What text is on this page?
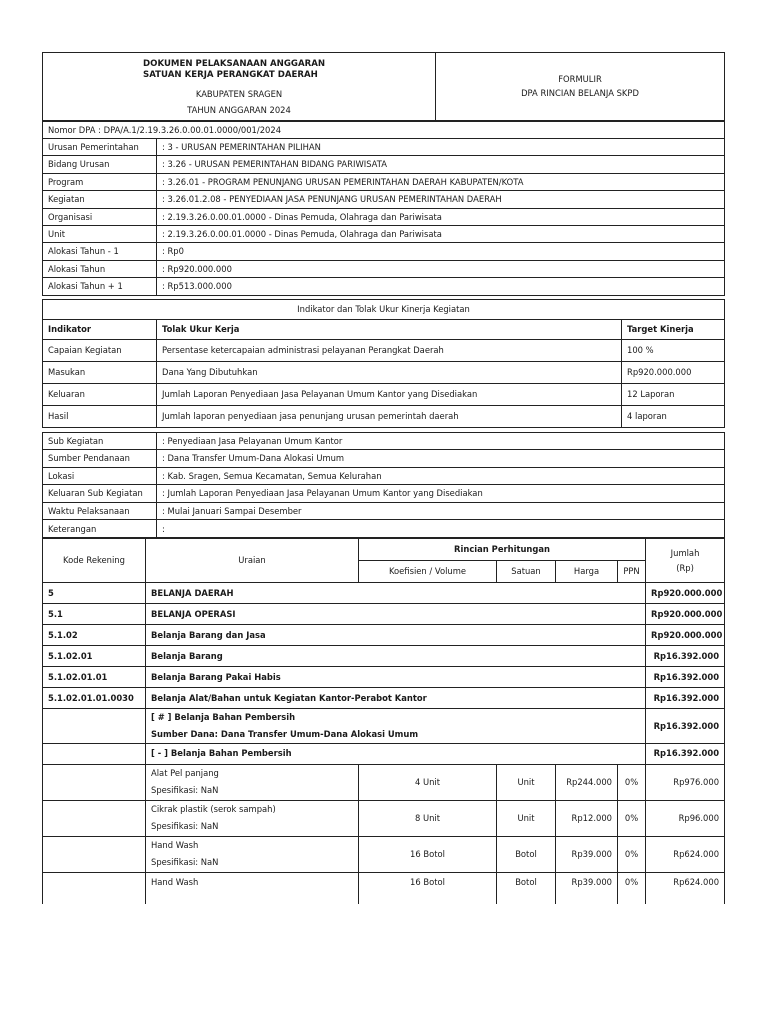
DOKUMEN PELAKSANAAN ANGGARAN
SATUAN KERJA PERANGKAT DAERAH	FORMULIR
DPA RINCIAN BELANJA SKPD

KABUPATEN SRAGEN
TAHUN ANGGARAN 2024
Nomor DPA : DPA/A.1/2.19.3.26.0.00.01.0000/001/2024	
Urusan Pemerintahan	: 3 - URUSAN PEMERINTAHAN PILIHAN
Bidang Urusan	: 3.26 - URUSAN PEMERINTAHAN BIDANG PARIWISATA
Program	: 3.26.01 - PROGRAM PENUNJANG URUSAN PEMERINTAHAN DAERAH KABUPATEN/KOTA
Kegiatan	: 3.26.01.2.08 - PENYEDIAAN JASA PENUNJANG URUSAN PEMERINTAHAN DAERAH
Organisasi	: 2.19.3.26.0.00.01.0000 - Dinas Pemuda, Olahraga dan Pariwisata
Unit	: 2.19.3.26.0.00.01.0000 - Dinas Pemuda, Olahraga dan Pariwisata
Alokasi Tahun - 1	: Rp0
Alokasi Tahun	: Rp920.000.000
Alokasi Tahun + 1	: Rp513.000.000
Indikator dan Tolak Ukur Kinerja Kegiatan		
Indikator	Tolak Ukur Kerja	Target Kinerja
Capaian Kegiatan	Persentase ketercapaian administrasi pelayanan Perangkat Daerah	100 %
Masukan	Dana Yang Dibutuhkan	Rp920.000.000
Keluaran	Jumlah Laporan Penyediaan Jasa Pelayanan Umum Kantor yang Disediakan	12 Laporan
Hasil	Jumlah laporan penyediaan jasa penunjang urusan pemerintah daerah	4 laporan
Sub Kegiatan	: Penyediaan Jasa Pelayanan Umum Kantor
Sumber Pendanaan	: Dana Transfer Umum-Dana Alokasi Umum
Lokasi	: Kab. Sragen, Semua Kecamatan, Semua Kelurahan
Keluaran Sub Kegiatan	: Jumlah Laporan Penyediaan Jasa Pelayanan Umum Kantor yang Disediakan
Waktu Pelaksanaan	: Mulai Januari Sampai Desember
Keterangan	:
Kode Rekening	Uraian	Rincian Perhitungan				Jumlah
(Rp)

		Koefisien / Volume	Satuan	Harga	PPN	
5	BELANJA DAERAH					Rp920.000.000
5.1	BELANJA OPERASI					Rp920.000.000
5.1.02	Belanja Barang dan Jasa					Rp920.000.000
5.1.02.01	Belanja Barang					Rp16.392.000
5.1.02.01.01	Belanja Barang Pakai Habis					Rp16.392.000
5.1.02.01.01.0030	Belanja Alat/Bahan untuk Kegiatan Kantor-Perabot Kantor					Rp16.392.000

	[ # ] Belanja Bahan Pembersih
Sumber Dana: Dana Transfer Umum-Dana Alokasi Umum					Rp16.392.000
	[ - ] Belanja Bahan Pembersih					Rp16.392.000

	Alat Pel panjang
Spesifikasi: NaN	4 Unit	Unit	Rp244.000	0%	Rp976.000

	Cikrak plastik (serok sampah)
Spesifikasi: NaN	8 Unit	Unit	Rp12.000	0%	Rp96.000

	Hand Wash
Spesifikasi: NaN	16 Botol	Botol	Rp39.000	0%	Rp624.000

	Hand Wash	16 Botol	Botol	Rp39.000	0%	Rp624.000
